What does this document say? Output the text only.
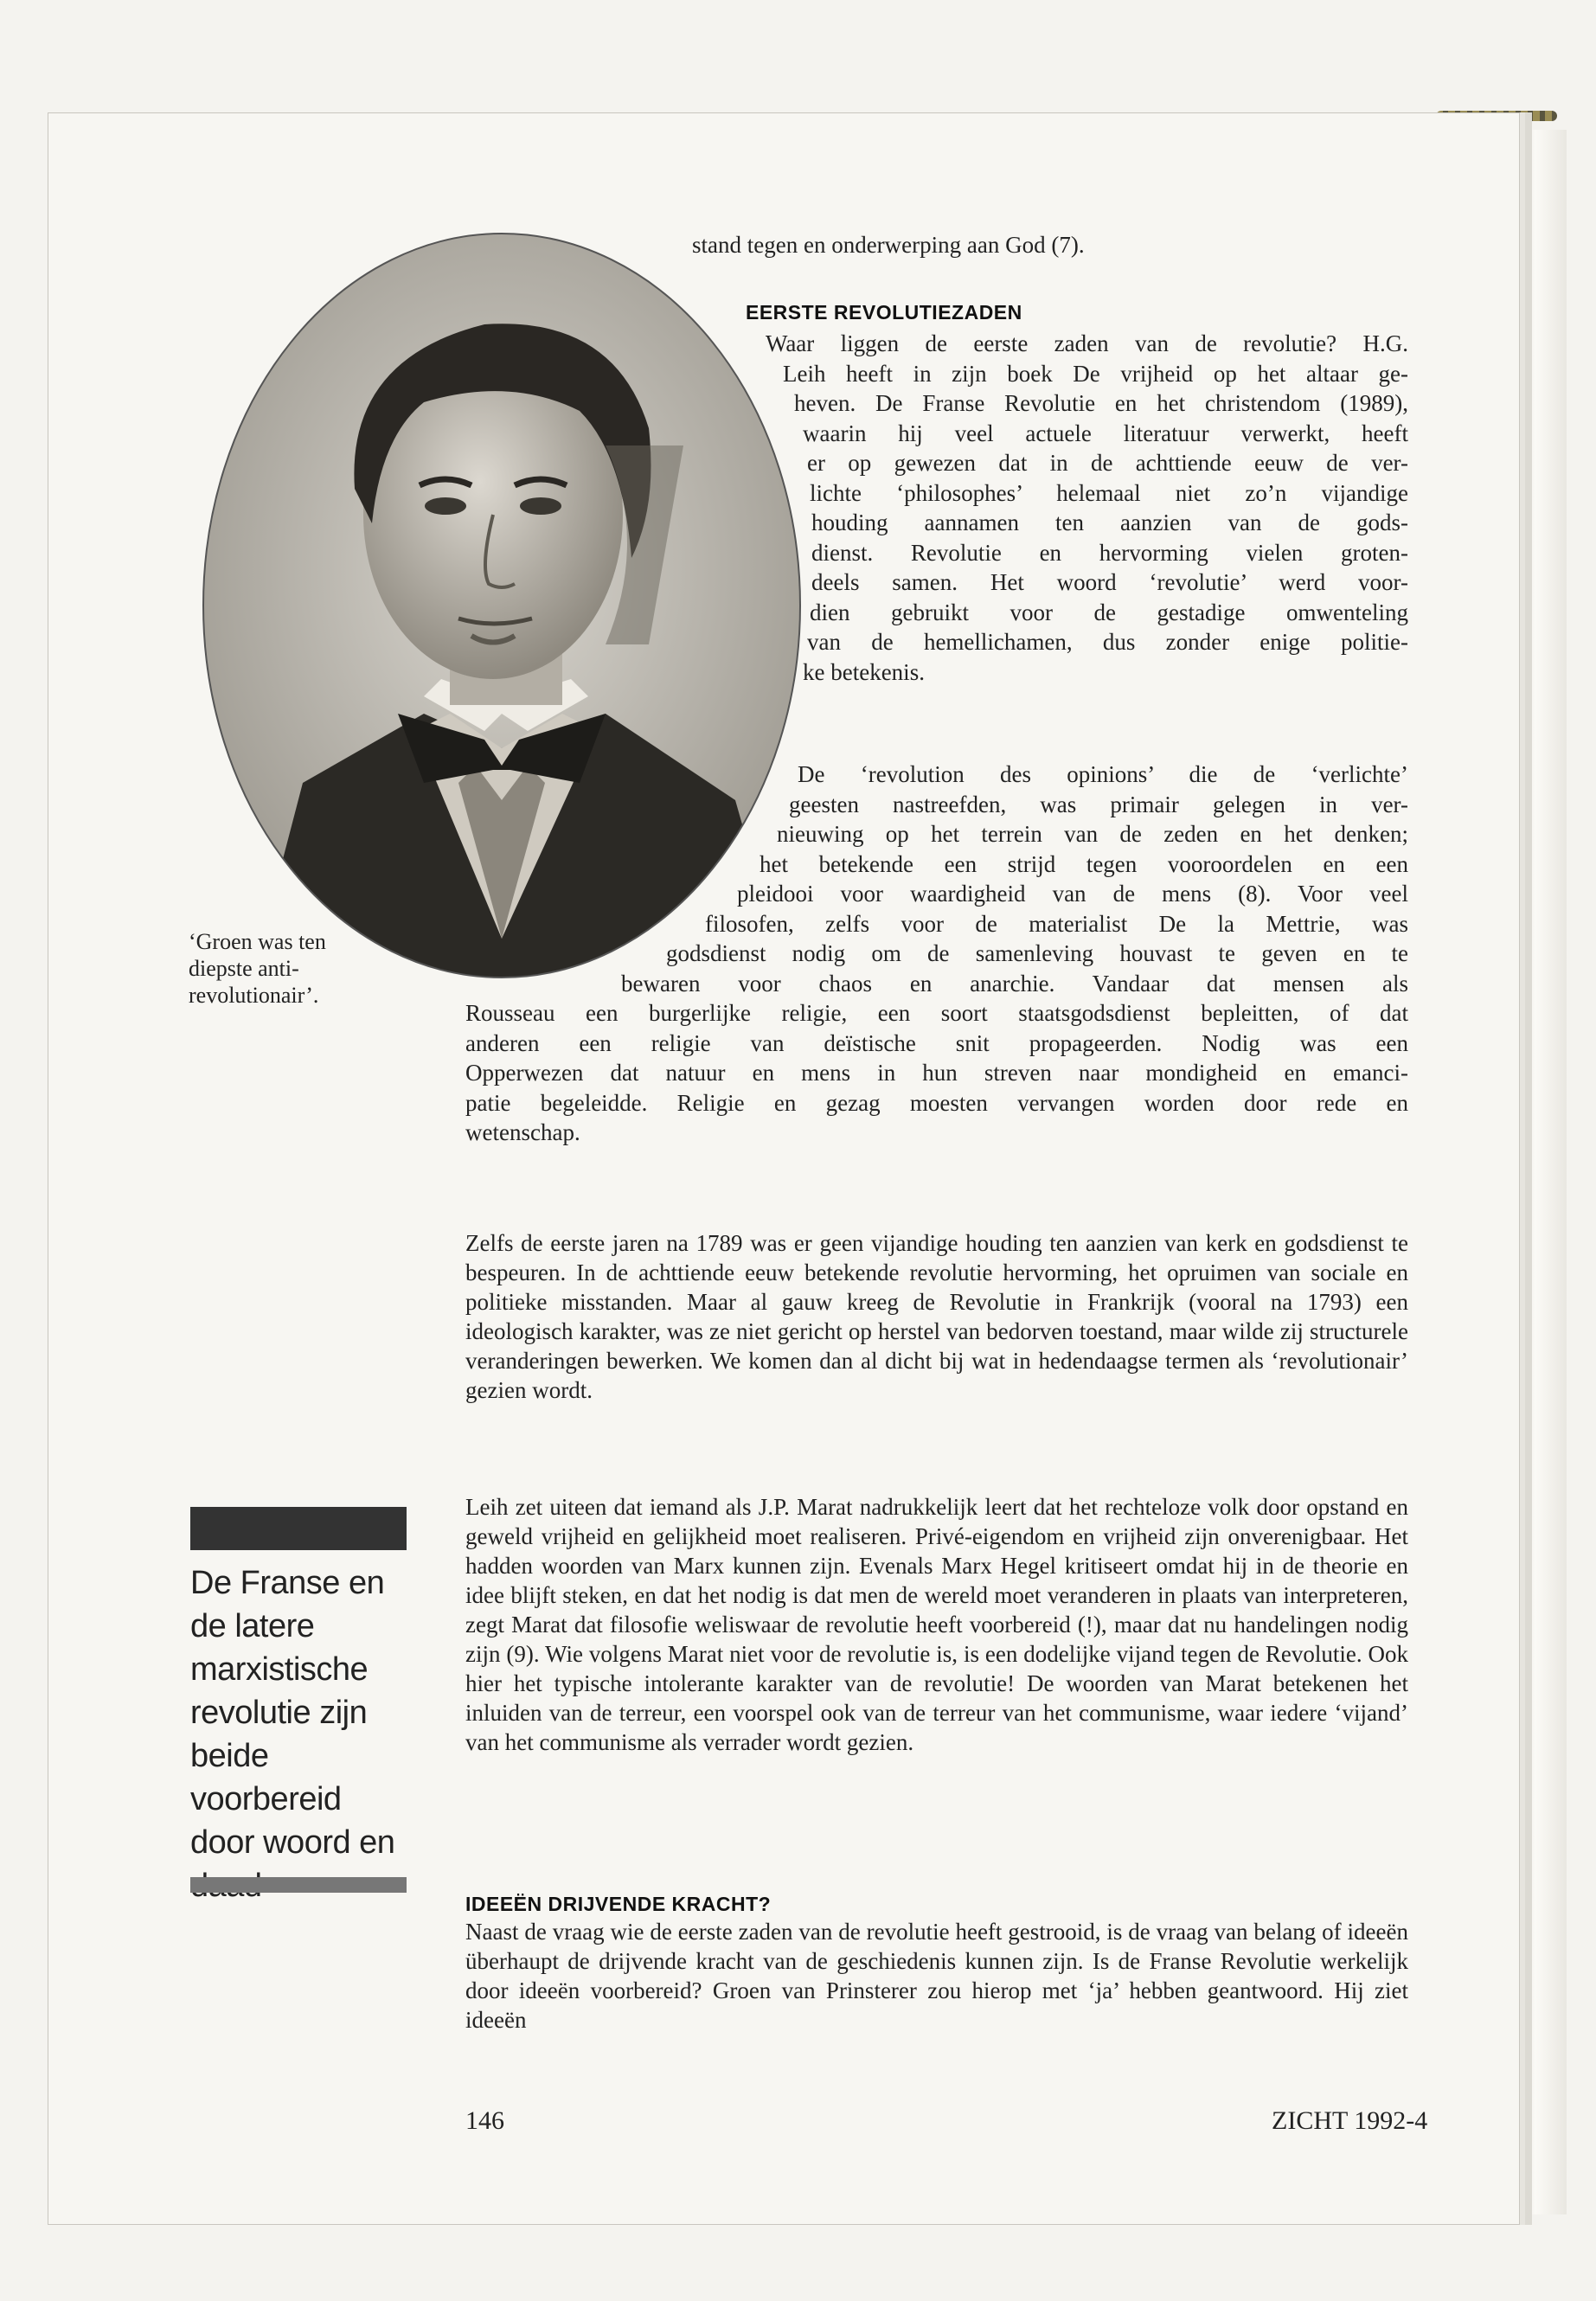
stand tegen en onderwerping aan God (7).
EERSTE REVOLUTIEZADEN
Waar liggen de eerste zaden van de revolutie? H.G.
Leih heeft in zijn boek De vrijheid op het altaar ge-
heven. De Franse Revolutie en het christendom (1989),
waarin hij veel actuele literatuur verwerkt, heeft
er op gewezen dat in de achttiende eeuw de ver-
lichte ‘philosophes’ helemaal niet zo’n vijandige
houding aannamen ten aanzien van de gods-
dienst. Revolutie en hervorming vielen groten-
deels samen. Het woord ‘revolutie’ werd voor-
dien gebruikt voor de gestadige omwenteling
van de hemellichamen, dus zonder enige politie-
ke betekenis.
De ‘revolution des opinions’ die de ‘verlichte’
geesten nastreefden, was primair gelegen in ver-
nieuwing op het terrein van de zeden en het denken;
het betekende een strijd tegen vooroordelen en een
pleidooi voor waardigheid van de mens (8). Voor veel
filosofen, zelfs voor de materialist De la Mettrie, was
godsdienst nodig om de samenleving houvast te geven en te
bewaren voor chaos en anarchie. Vandaar dat mensen als
Rousseau een burgerlijke religie, een soort staatsgodsdienst bepleitten, of dat
anderen een religie van deïstische snit propageerden. Nodig was een
Opperwezen dat natuur en mens in hun streven naar mondigheid en emanci-
patie begeleidde. Religie en gezag moesten vervangen worden door rede en
wetenschap.
‘Groen was ten diepste anti-revolutionair’.

Zelfs de eerste jaren na 1789 was er geen vijandige houding ten aanzien van kerk en godsdienst te bespeuren. In de achttiende eeuw betekende revolutie hervorming, het opruimen van sociale en politieke misstanden. Maar al gauw kreeg de Revolutie in Frankrijk (vooral na 1793) een ideologisch karakter, was ze niet gericht op herstel van bedorven toestand, maar wilde zij structurele veranderingen bewerken. We komen dan al dicht bij wat in hedendaagse termen als ‘revolutionair’ gezien wordt.

Leih zet uiteen dat iemand als J.P. Marat nadrukkelijk leert dat het rechteloze volk door opstand en geweld vrijheid en gelijkheid moet realiseren. Privé-eigendom en vrijheid zijn onverenigbaar. Het hadden woorden van Marx kunnen zijn. Evenals Marx Hegel kritiseert omdat hij in de theorie en idee blijft steken, en dat het nodig is dat men de wereld moet veranderen in plaats van interpreteren, zegt Marat dat filosofie weliswaar de revolutie heeft voorbereid (!), maar dat nu handelingen nodig zijn (9). Wie volgens Marat niet voor de revolutie is, is een dodelijke vijand tegen de Revolutie. Ook hier het typische intolerante karakter van de revolutie! De woorden van Marat betekenen het inluiden van de terreur, een voorspel ook van de terreur van het communisme, waar iedere ‘vijand’ van het communisme als verrader wordt gezien.

IDEEËN DRIJVENDE KRACHT?

Naast de vraag wie de eerste zaden van de revolutie heeft gestrooid, is de vraag van belang of ideeën überhaupt de drijvende kracht van de geschiedenis kunnen zijn. Is de Franse Revolutie werkelijk door ideeën voorbereid? Groen van Prinsterer zou hierop met ‘ja’ hebben geantwoord. Hij ziet ideeën

De Franse en de latere marxistische revolutie zijn beide voorbereid door woord en
146	ZICHT 1992-4
